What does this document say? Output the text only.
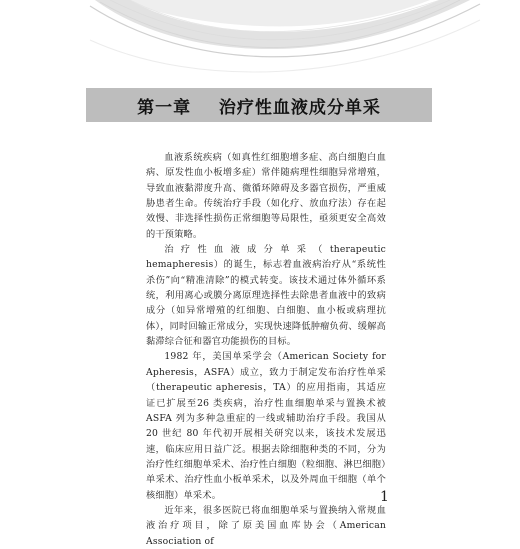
第一章    治疗性血液成分单采

血液系统疾病（如真性红细胞增多症、高白细胞白血病、原发性血小板增多症）常伴随病理性细胞异常增殖，导致血液黏滞度升高、微循环障碍及多器官损伤，严重威胁患者生命。传统治疗手段（如化疗、放血疗法）存在起效慢、非选择性损伤正常细胞等局限性，亟须更安全高效的干预策略。

治疗性血液成分单采（therapeutic hemapheresis）的诞生，标志着血液病治疗从“系统性杀伤”向“精准清除”的模式转变。该技术通过体外循环系统，利用离心或膜分离原理选择性去除患者血液中的致病成分（如异常增殖的红细胞、白细胞、血小板或病理抗体），同时回输正常成分，实现快速降低肿瘤负荷、缓解高黏滞综合征和器官功能损伤的目标。

1982 年，美国单采学会（American Society for Apheresis，ASFA）成立，致力于制定发布治疗性单采（therapeutic apheresis，TA）的应用指南，其适应证已扩展至26 类疾病，治疗性血细胞单采与置换术被 ASFA 列为多种急重症的一线或辅助治疗手段。我国从 20 世纪 80 年代初开展相关研究以来，该技术发展迅速，临床应用日益广泛。根据去除细胞种类的不同，分为治疗性红细胞单采术、治疗性白细胞（粒细胞、淋巴细胞）单采术、治疗性血小板单采术，以及外周血干细胞（单个核细胞）单采术。

近年来，很多医院已将血细胞单采与置换纳入常规血液治疗项目，除了原美国血库协会（American Association of

1
